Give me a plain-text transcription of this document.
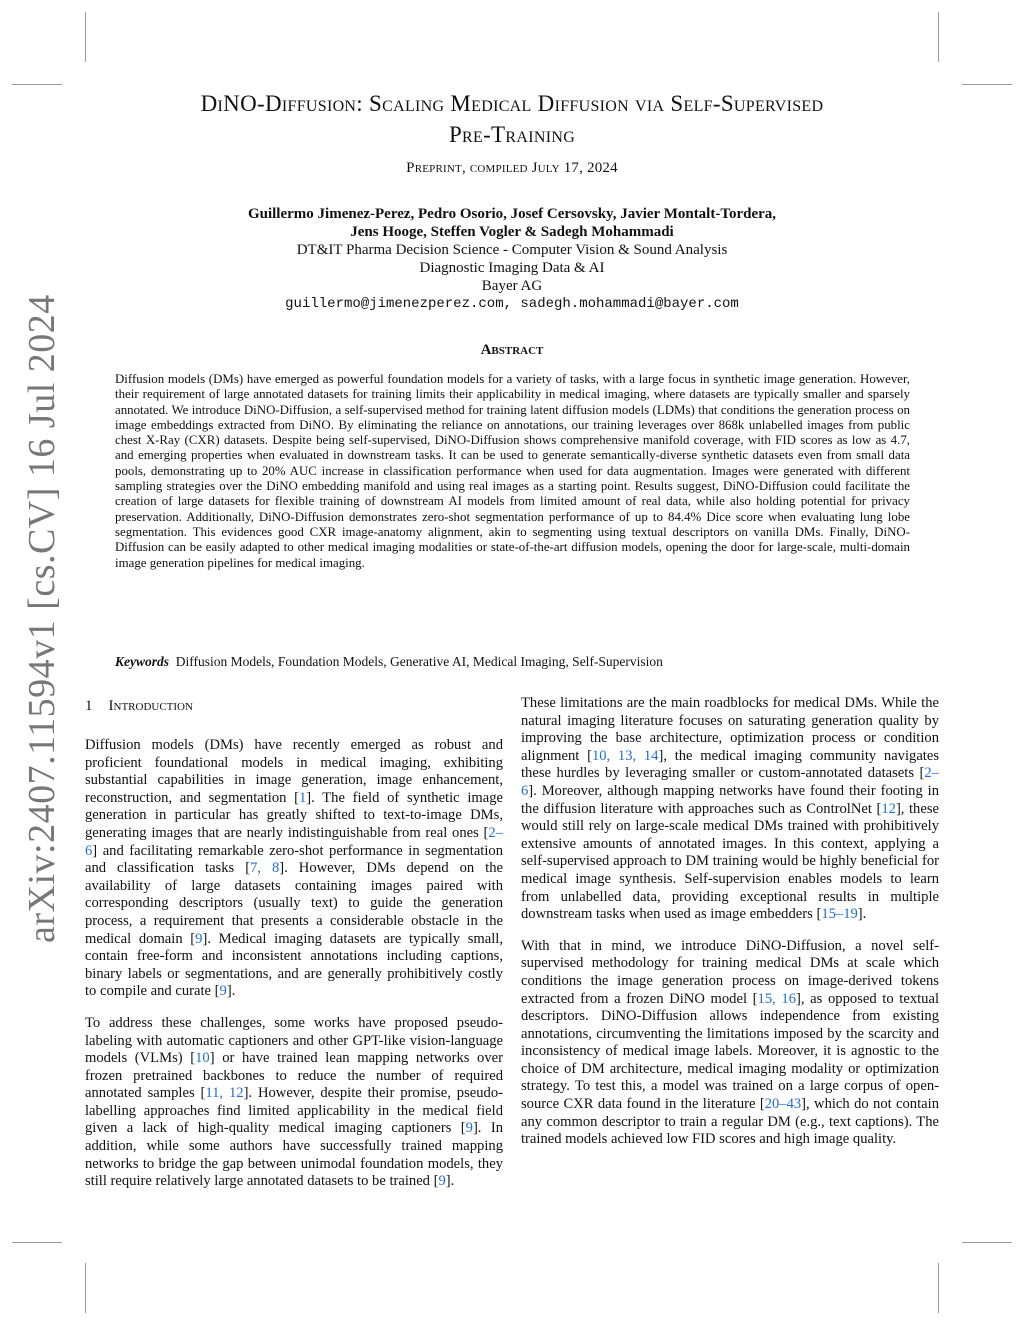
arXiv:2407.11594v1 [cs.CV] 16 Jul 2024
DiNO-Diffusion: Scaling Medical Diffusion via Self-Supervised
Pre-Training
Preprint, compiled July 17, 2024
Guillermo Jimenez-Perez, Pedro Osorio, Josef Cersovsky, Javier Montalt-Tordera,
Jens Hooge, Steffen Vogler & Sadegh Mohammadi
DT&IT Pharma Decision Science - Computer Vision & Sound Analysis
Diagnostic Imaging Data & AI
Bayer AG
guillermo@jimenezperez.com, sadegh.mohammadi@bayer.com
Abstract

Diffusion models (DMs) have emerged as powerful foundation models for a variety of tasks, with a large focus in synthetic image generation. However, their requirement of large annotated datasets for training limits their applicability in medical imaging, where datasets are typically smaller and sparsely annotated. We introduce DiNO-Diffusion, a self-supervised method for training latent diffusion models (LDMs) that conditions the generation process on image embeddings extracted from DiNO. By eliminating the reliance on annotations, our training leverages over 868k unlabelled images from public chest X-Ray (CXR) datasets. Despite being self-supervised, DiNO-Diffusion shows comprehensive manifold coverage, with FID scores as low as 4.7, and emerging properties when evaluated in downstream tasks. It can be used to generate semantically-diverse synthetic datasets even from small data pools, demonstrating up to 20% AUC increase in classification performance when used for data augmentation. Images were generated with different sampling strategies over the DiNO embedding manifold and using real images as a starting point. Results suggest, DiNO-Diffusion could facilitate the creation of large datasets for flexible training of downstream AI models from limited amount of real data, while also holding potential for privacy preservation. Additionally, DiNO-Diffusion demonstrates zero-shot segmentation performance of up to 84.4% Dice score when evaluating lung lobe segmentation. This evidences good CXR image-anatomy alignment, akin to segmenting using textual descriptors on vanilla DMs. Finally, DiNO-Diffusion can be easily adapted to other medical imaging modalities or state-of-the-art diffusion models, opening the door for large-scale, multi-domain image generation pipelines for medical imaging.

Keywords Diffusion Models, Foundation Models, Generative AI, Medical Imaging, Self-Supervision
1 Introduction

Diffusion models (DMs) have recently emerged as robust and proficient foundational models in medical imaging, exhibiting substantial capabilities in image generation, image enhancement, reconstruction, and segmentation [1]. The field of synthetic image generation in particular has greatly shifted to text-to-image DMs, generating images that are nearly indistinguishable from real ones [2–6] and facilitating remarkable zero-shot performance in segmentation and classification tasks [7, 8]. However, DMs depend on the availability of large datasets containing images paired with corresponding descriptors (usually text) to guide the generation process, a requirement that presents a considerable obstacle in the medical domain [9]. Medical imaging datasets are typically small, contain free-form and inconsistent annotations including captions, binary labels or segmentations, and are generally prohibitively costly to compile and curate [9].

To address these challenges, some works have proposed pseudo-labeling with automatic captioners and other GPT-like vision-language models (VLMs) [10] or have trained lean mapping networks over frozen pretrained backbones to reduce the number of required annotated samples [11, 12]. However, despite their promise, pseudo-labelling approaches find limited applicability in the medical field given a lack of high-quality medical imaging captioners [9]. In addition, while some authors have successfully trained mapping networks to bridge the gap between unimodal foundation models, they still require relatively large annotated datasets to be trained [9].

These limitations are the main roadblocks for medical DMs. While the natural imaging literature focuses on saturating generation quality by improving the base architecture, optimization process or condition alignment [10, 13, 14], the medical imaging community navigates these hurdles by leveraging smaller or custom-annotated datasets [2–6]. Moreover, although mapping networks have found their footing in the diffusion literature with approaches such as ControlNet [12], these would still rely on large-scale medical DMs trained with prohibitively extensive amounts of annotated images. In this context, applying a self-supervised approach to DM training would be highly beneficial for medical image synthesis. Self-supervision enables models to learn from unlabelled data, providing exceptional results in multiple downstream tasks when used as image embedders [15–19].

With that in mind, we introduce DiNO-Diffusion, a novel self-supervised methodology for training medical DMs at scale which conditions the image generation process on image-derived tokens extracted from a frozen DiNO model [15, 16], as opposed to textual descriptors. DiNO-Diffusion allows independence from existing annotations, circumventing the limitations imposed by the scarcity and inconsistency of medical image labels. Moreover, it is agnostic to the choice of DM architecture, medical imaging modality or optimization strategy. To test this, a model was trained on a large corpus of open-source CXR data found in the literature [20–43], which do not contain any common descriptor to train a regular DM (e.g., text captions). The trained models achieved low FID scores and high image quality.
